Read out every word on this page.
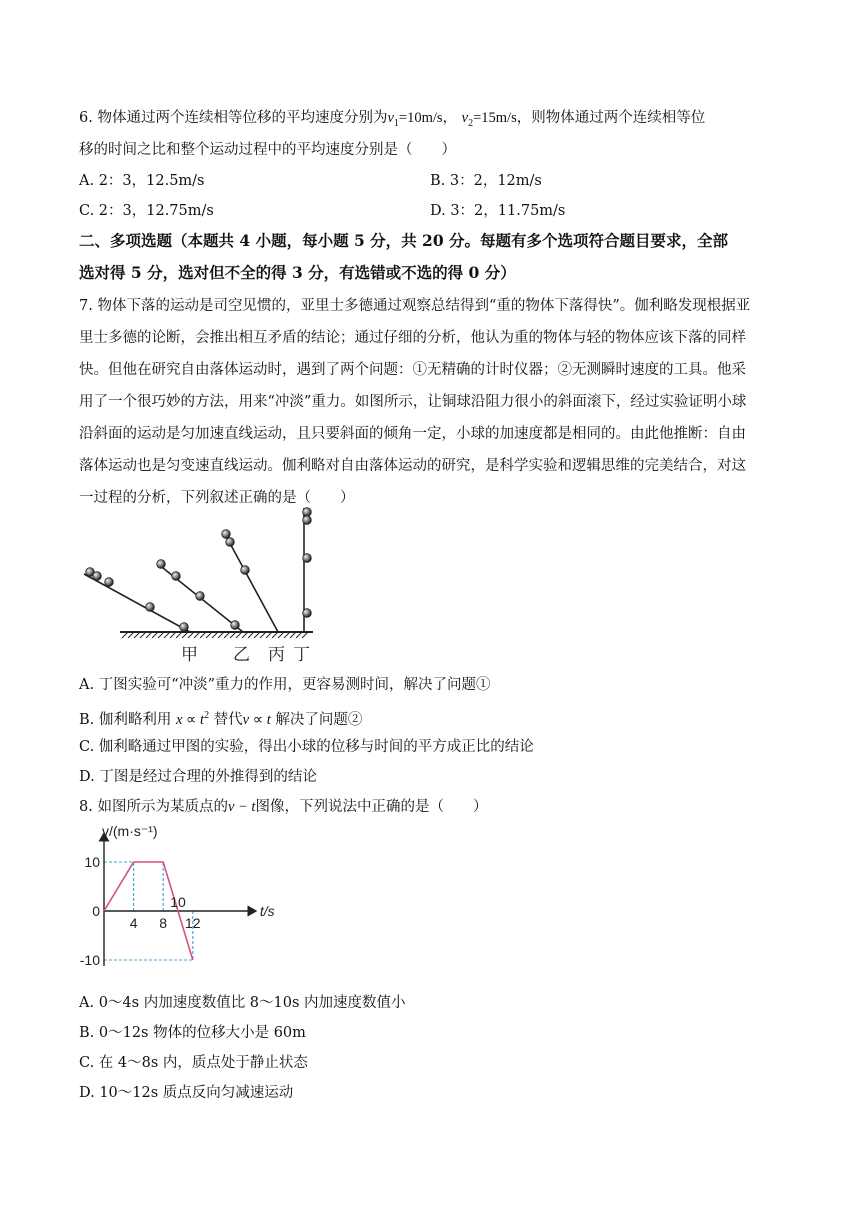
6. 物体通过两个连续相等位移的平均速度分别为$v_1=10m/s$， $v_2=15m/s$，则物体通过两个连续相等位
移的时间之比和整个运动过程中的平均速度分别是（　　）
A. 2：3，12.5m/s	B. 3：2，12m/s
C. 2：3，12.75m/s	D. 3：2，11.75m/s
二、多项选题（本题共 4 小题，每小题 5 分，共 20 分。每题有多个选项符合题目要求，全部
选对得 5 分，选对但不全的得 3 分，有选错或不选的得 0 分）
7. 物体下落的运动是司空见惯的，亚里士多德通过观察总结得到“重的物体下落得快”。伽利略发现根据亚
里士多德的论断，会推出相互矛盾的结论；通过仔细的分析，他认为重的物体与轻的物体应该下落的同样
快。但他在研究自由落体运动时，遇到了两个问题：①无精确的计时仪器；②无测瞬时速度的工具。他采
用了一个很巧妙的方法，用来“冲淡”重力。如图所示，让铜球沿阻力很小的斜面滚下，经过实验证明小球
沿斜面的运动是匀加速直线运动，且只要斜面的倾角一定，小球的加速度都是相同的。由此他推断：自由
落体运动也是匀变速直线运动。伽利略对自由落体运动的研究，是科学实验和逻辑思维的完美结合，对这
一过程的分析，下列叙述正确的是（　　）
甲 乙 丙 丁
A. 丁图实验可“冲淡”重力的作用，更容易测时间，解决了问题①
B. 伽利略利用 $x \propto t^2$ 替代v ∝ t 解决了问题②
C. 伽利略通过甲图的实验，得出小球的位移与时间的平方成正比的结论
D. 丁图是经过合理的外推得到的结论
8. 如图所示为某质点的v − t图像，下列说法中正确的是（　　）
10
0
-10
4 8
10
12
v/(m·s⁻¹)
t/s
A. 0～4s 内加速度数值比 8～10s 内加速度数值小
B. 0～12s 物体的位移大小是 60m
C. 在 4～8s 内，质点处于静止状态
D. 10～12s 质点反向匀减速运动
